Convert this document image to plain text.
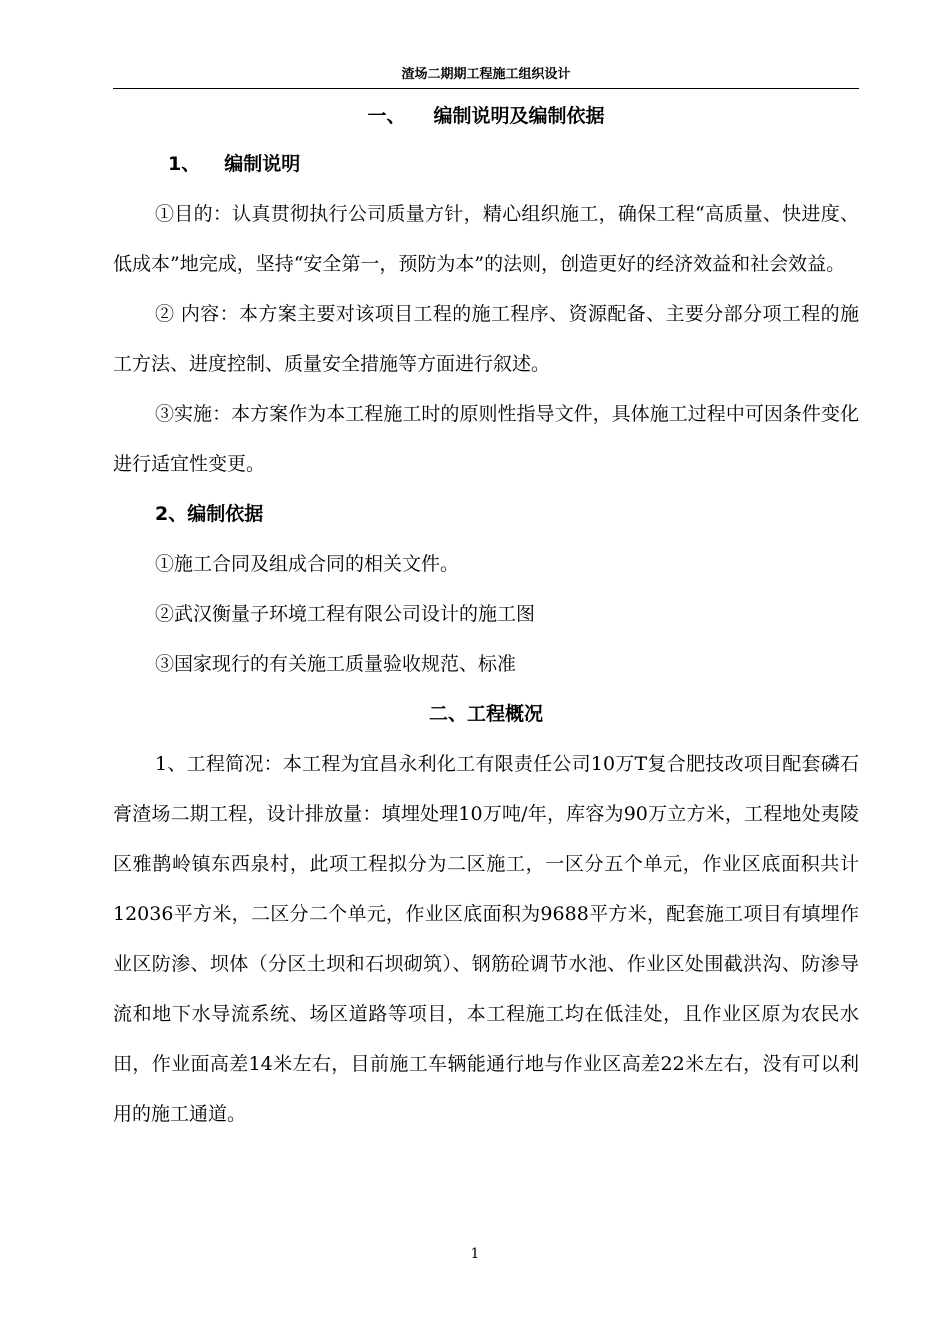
渣场二期期工程施工组织设计
一、 编制说明及编制依据
1、 编制说明

①目的：认真贯彻执行公司质量方针，精心组织施工，确保工程“高质量、快进度、低成本”地完成，坚持“安全第一，预防为本”的法则，创造更好的经济效益和社会效益。

② 内容：本方案主要对该项目工程的施工程序、资源配备、主要分部分项工程的施工方法、进度控制、质量安全措施等方面进行叙述。

③实施：本方案作为本工程施工时的原则性指导文件，具体施工过程中可因条件变化进行适宜性变更。

2、编制依据
①施工合同及组成合同的相关文件。
②武汉衡量子环境工程有限公司设计的施工图
③国家现行的有关施工质量验收规范、标准
二、工程概况

1、工程简况：本工程为宜昌永利化工有限责任公司10万T复合肥技改项目配套磷石膏渣场二期工程，设计排放量：填埋处理10万吨/年，库容为90万立方米，工程地处夷陵区雅鹊岭镇东西泉村，此项工程拟分为二区施工，一区分五个单元，作业区底面积共计12036平方米，二区分二个单元，作业区底面积为9688平方米，配套施工项目有填埋作业区防渗、坝体（分区土坝和石坝砌筑）、钢筋砼调节水池、作业区处围截洪沟、防渗导流和地下水导流系统、场区道路等项目，本工程施工均在低洼处，且作业区原为农民水田，作业面高差14米左右，目前施工车辆能通行地与作业区高差22米左右，没有可以利用的施工通道。

1
